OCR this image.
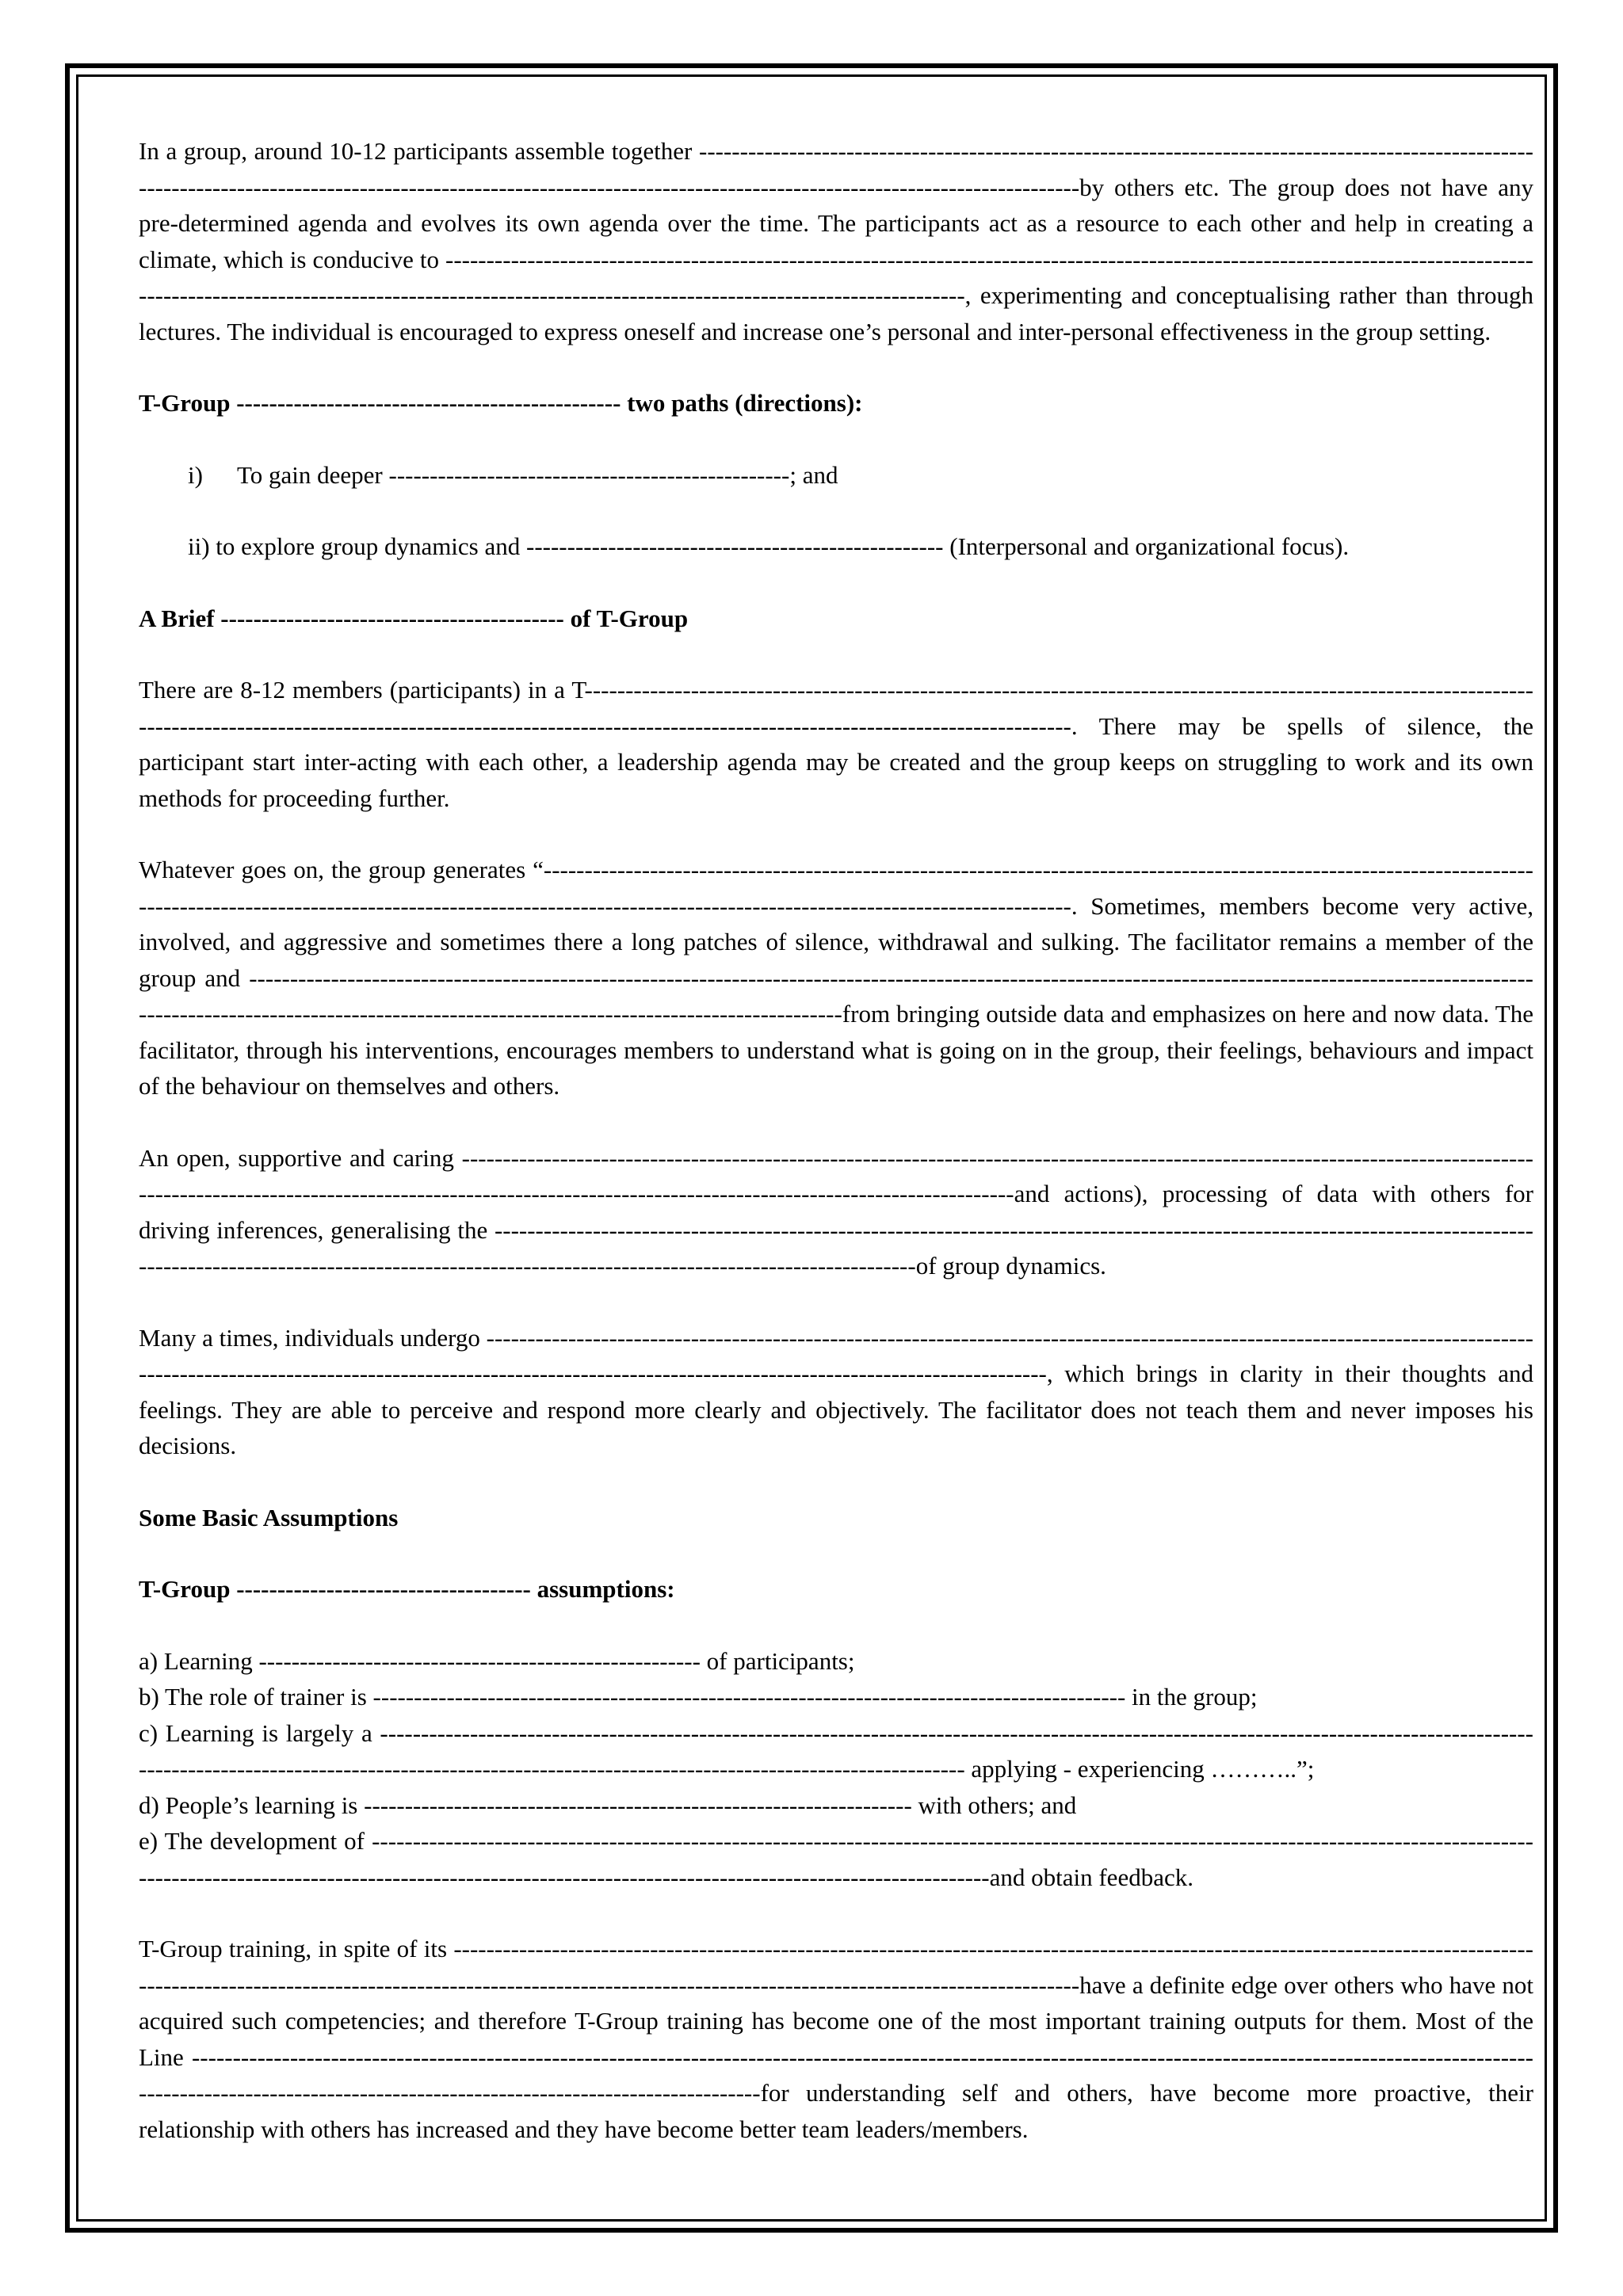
In a group, around 10-12 participants assemble together -------------------------------------------------------------------------------------------------------------------------------------------------------------------------------------------------------------------------by others etc. The group does not have any pre-determined agenda and evolves its own agenda over the time. The participants act as a resource to each other and help in creating a climate, which is conducive to ------------------------------------------------------------------------------------------------------------------------------------------------------------------------------------------------------------------------------------------, experimenting and conceptualising rather than through lectures. The individual is encouraged to express oneself and increase one’s personal and inter-personal effectiveness in the group setting.
T-Group ----------------------------------------------- two paths (directions):
i) To gain deeper -------------------------------------------------; and
ii) to explore group dynamics and --------------------------------------------------- (Interpersonal and organizational focus).
A Brief ------------------------------------------ of T-Group
There are 8-12 members (participants) in a T--------------------------------------------------------------------------------------------------------------------------------------------------------------------------------------------------------------------------------------. There may be spells of silence, the participant start inter-acting with each other, a leadership agenda may be created and the group keeps on struggling to work and its own methods for proceeding further.
Whatever goes on, the group generates “-------------------------------------------------------------------------------------------------------------------------------------------------------------------------------------------------------------------------------------------. Sometimes, members become very active, involved, and aggressive and sometimes there a long patches of silence, withdrawal and sulking. The facilitator remains a member of the group and ---------------------------------------------------------------------------------------------------------------------------------------------------------------------------------------------------------------------------------------------------from bringing outside data and emphasizes on here and now data. The facilitator, through his interventions, encourages members to understand what is going on in the group, their feelings, behaviours and impact of the behaviour on themselves and others.
An open, supportive and caring ----------------------------------------------------------------------------------------------------------------------------------------------------------------------------------------------------------------------------------------------and actions), processing of data with others for driving inferences, generalising the ------------------------------------------------------------------------------------------------------------------------------------------------------------------------------------------------------------------------------of group dynamics.
Many a times, individuals undergo -----------------------------------------------------------------------------------------------------------------------------------------------------------------------------------------------------------------------------------------------, which brings in clarity in their thoughts and feelings. They are able to perceive and respond more clearly and objectively. The facilitator does not teach them and never imposes his decisions.
Some Basic Assumptions
T-Group ------------------------------------ assumptions:
a) Learning ------------------------------------------------------ of participants;
b) The role of trainer is -------------------------------------------------------------------------------------------- in the group;
c) Learning is largely a -------------------------------------------------------------------------------------------------------------------------------------------------------------------------------------------------------------------------------------------------- applying - experiencing ………..”;
d) People’s learning is ------------------------------------------------------------------- with others; and
e) The development of ------------------------------------------------------------------------------------------------------------------------------------------------------------------------------------------------------------------------------------------------------and obtain feedback.
T-Group training, in spite of its -------------------------------------------------------------------------------------------------------------------------------------------------------------------------------------------------------------------------------------------------------have a definite edge over others who have not acquired such competencies; and therefore T-Group training has become one of the most important training outputs for them. Most of the Line ------------------------------------------------------------------------------------------------------------------------------------------------------------------------------------------------------------------------------------------------for understanding self and others, have become more proactive, their relationship with others has increased and they have become better team leaders/members.
